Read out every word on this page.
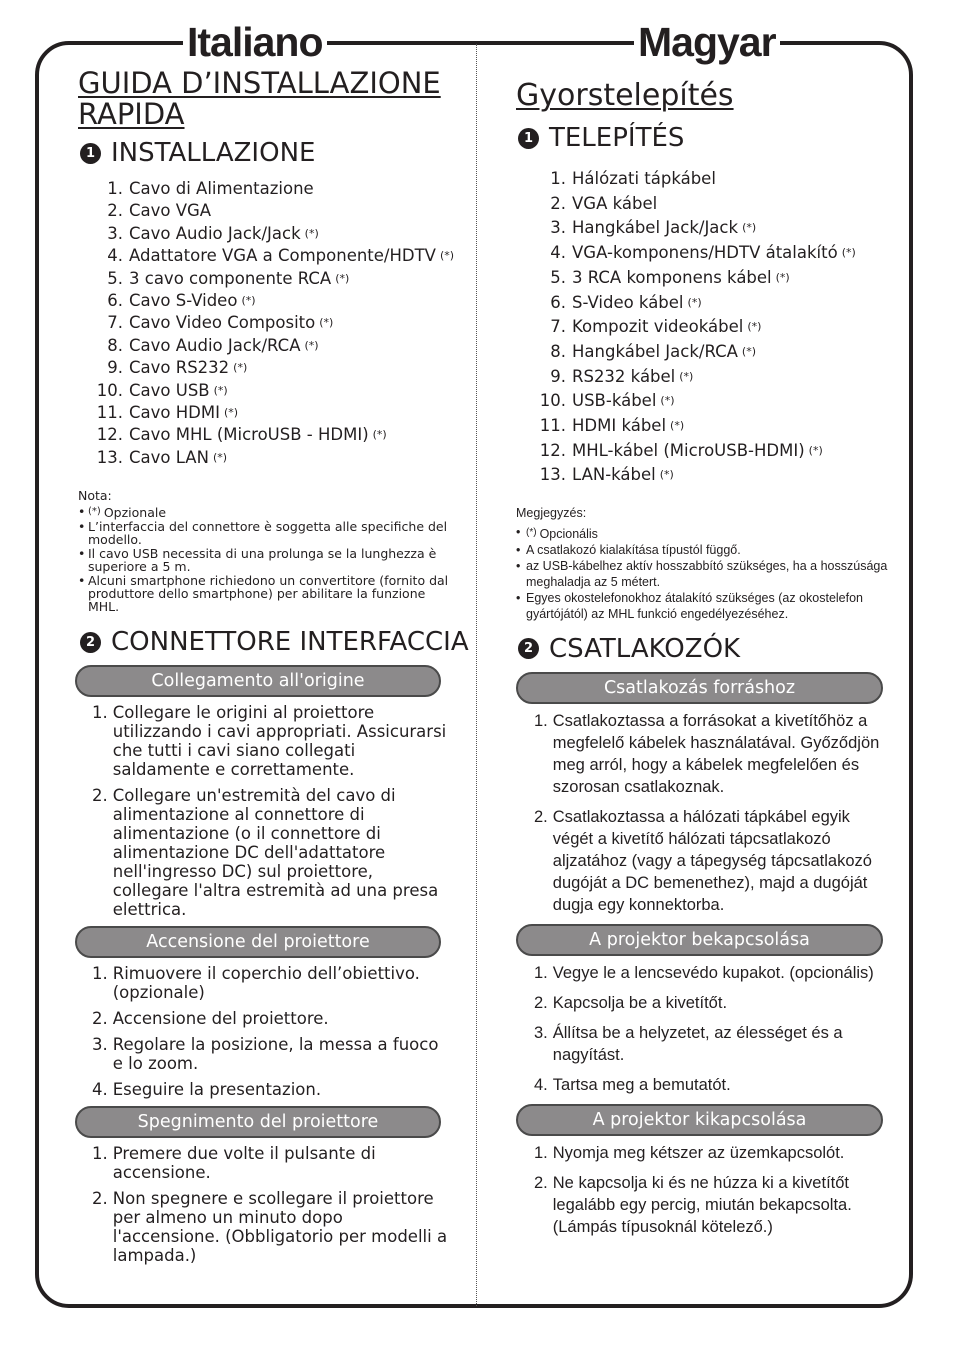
Italiano	Magyar
GUIDA D’INSTALLAZIONE
RAPIDA
1 INSTALLAZIONE
1. Cavo di Alimentazione
2. Cavo VGA
3. Cavo Audio Jack/Jack (*)
4. Adattatore VGA a Componente/HDTV (*)
5. 3 cavo componente RCA (*)
6. Cavo S-Video (*)
7. Cavo Video Composito (*)
8. Cavo Audio Jack/RCA (*)
9. Cavo RS232 (*)
10. Cavo USB (*)
11. Cavo HDMI (*)
12. Cavo MHL (MicroUSB - HDMI) (*)
13. Cavo LAN (*)
Nota:
• (*) Opzionale
• L’interfaccia del connettore è soggetta alle specifiche del modello.
• Il cavo USB necessita di una prolunga se la lunghezza è superiore a 5 m.
• Alcuni smartphone richiedono un convertitore (fornito dal produttore dello smartphone) per abilitare la funzione MHL.
2 CONNETTORE INTERFACCIA
Collegamento all'origine
1. Collegare le origini al proiettore utilizzando i cavi appropriati. Assicurarsi che tutti i cavi siano collegati saldamente e correttamente.
2. Collegare un'estremità del cavo di alimentazione al connettore di alimentazione (o il connettore di alimentazione DC dell'adattatore nell'ingresso DC) sul proiettore, collegare l'altra estremità ad una presa elettrica.
Accensione del proiettore
1. Rimuovere il coperchio dell’obiettivo. (opzionale)
2. Accensione del proiettore.
3. Regolare la posizione, la messa a fuoco e lo zoom.
4. Eseguire la presentazion.
Spegnimento del proiettore
1. Premere due volte il pulsante di accensione.
2. Non spegnere e scollegare il proiettore per almeno un minuto dopo l'accensione. (Obbligatorio per modelli a lampada.)
Gyorstelepítés
1 TELEPÍTÉS
1. Hálózati tápkábel
2. VGA kábel
3. Hangkábel Jack/Jack (*)
4. VGA-komponens/HDTV átalakító (*)
5. 3 RCA komponens kábel (*)
6. S-Video kábel (*)
7. Kompozit videokábel (*)
8. Hangkábel Jack/RCA (*)
9. RS232 kábel (*)
10. USB-kábel (*)
11. HDMI kábel (*)
12. MHL-kábel (MicroUSB-HDMI) (*)
13. LAN-kábel (*)
Megjegyzés:
• (*) Opcionális
• A csatlakozó kialakítása típustól függő.
• az USB-kábelhez aktív hosszabbító szükséges, ha a hosszúsága meghaladja az 5 métert.
• Egyes okostelefonokhoz átalakító szükséges (az okostelefon gyártójától) az MHL funkció engedélyezéséhez.
2 CSATLAKOZÓK
Csatlakozás forráshoz
1. Csatlakoztassa a forrásokat a kivetítőhöz a megfelelő kábelek használatával. Győződjön meg arról, hogy a kábelek megfelelően és szorosan csatlakoznak.
2. Csatlakoztassa a hálózati tápkábel egyik végét a kivetítő hálózati tápcsatlakozó aljzatához (vagy a tápegység tápcsatlakozó dugóját a DC bemenethez), majd a dugóját dugja egy konnektorba.
A projektor bekapcsolása
1. Vegye le a lencsevédo kupakot. (opcionális)
2. Kapcsolja be a kivetítőt.
3. Állítsa be a helyzetet, az élességet és a nagyítást.
4. Tartsa meg a bemutatót.
A projektor kikapcsolása
1. Nyomja meg kétszer az üzemkapcsolót.
2. Ne kapcsolja ki és ne húzza ki a kivetítőt legalább egy percig, miután bekapcsolta. (Lámpás típusoknál kötelező.)
